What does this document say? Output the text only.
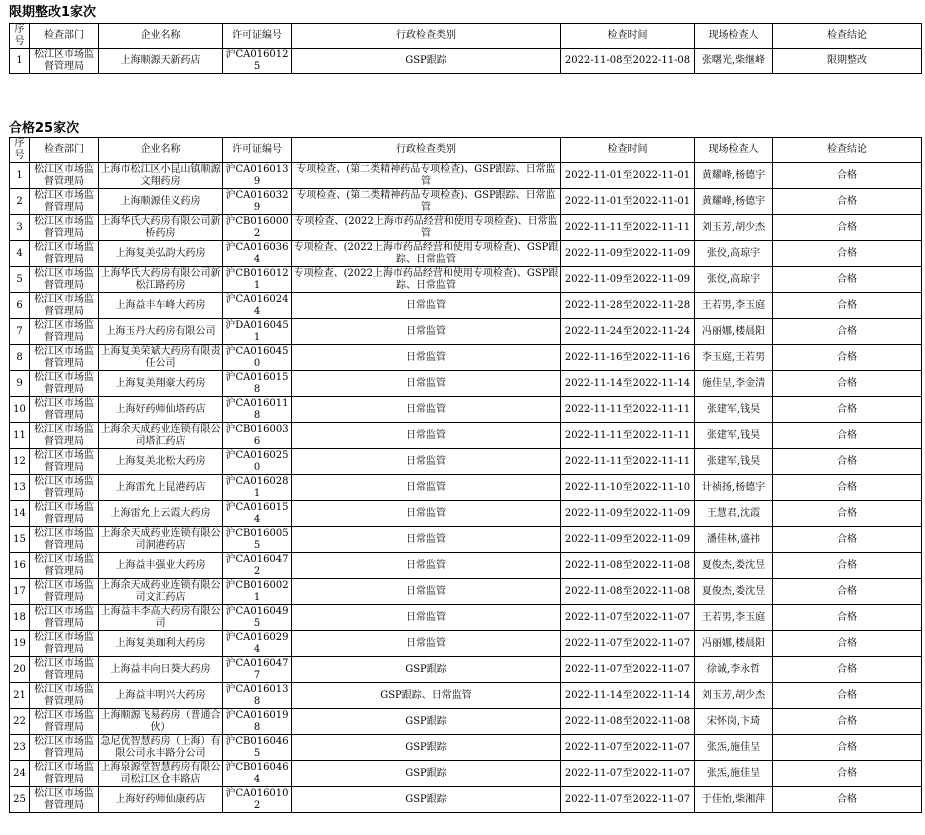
限期整改1家次
序号	检查部门	企业名称	许可证编号	行政检查类别	检查时间	现场检查人	检查结论
1	松江区市场监督管理局	上海顺源天新药店	沪CA0160125	GSP跟踪	2022-11-08至2022-11-08	张曙光,柴继峰	限期整改
合格25家次
序号	检查部门	企业名称	许可证编号	行政检查类别	检查时间	现场检查人	检查结论
1	松江区市场监督管理局	上海市松江区小昆山镇顺源文翔药房	沪CA0160139	专项检查、(第二类精神药品专项检查)、GSP跟踪、日常监管	2022-11-01至2022-11-01	黄耀峰,杨德宇	合格
2	松江区市场监督管理局	上海顺源佳义药房	沪CA0160329	专项检查、(第二类精神药品专项检查)、GSP跟踪、日常监管	2022-11-01至2022-11-01	黄耀峰,杨德宇	合格
3	松江区市场监督管理局	上海华氏大药房有限公司新桥药房	沪CB0160002	专项检查、(2022上海市药品经营和使用专项检查)、日常监管	2022-11-11至2022-11-11	刘玉芳,胡少杰	合格
4	松江区市场监督管理局	上海复美弘韵大药房	沪CA0160364	专项检查、(2022上海市药品经营和使用专项检查)、GSP跟踪、日常监管	2022-11-09至2022-11-09	张佼,高琼宇	合格
5	松江区市场监督管理局	上海华氏大药房有限公司新松江路药房	沪CB0160121	专项检查、(2022上海市药品经营和使用专项检查)、GSP跟踪、日常监管	2022-11-09至2022-11-09	张佼,高琼宇	合格
6	松江区市场监督管理局	上海益丰车峰大药房	沪CA0160244	日常监管	2022-11-28至2022-11-28	王若男,李玉庭	合格
7	松江区市场监督管理局	上海玉丹大药房有限公司	沪DA0160451	日常监管	2022-11-24至2022-11-24	冯丽娜,楼晨阳	合格
8	松江区市场监督管理局	上海复美荣斌大药房有限责任公司	沪CA0160450	日常监管	2022-11-16至2022-11-16	李玉庭,王若男	合格
9	松江区市场监督管理局	上海复美翔豪大药房	沪CA0160158	日常监管	2022-11-14至2022-11-14	施佳呈,李金清	合格
10	松江区市场监督管理局	上海好药师仙塔药店	沪CA0160118	日常监管	2022-11-11至2022-11-11	张建军,钱昊	合格
11	松江区市场监督管理局	上海余天成药业连锁有限公司塔汇药店	沪CB0160036	日常监管	2022-11-11至2022-11-11	张建军,钱昊	合格
12	松江区市场监督管理局	上海复美北松大药房	沪CA0160250	日常监管	2022-11-11至2022-11-11	张建军,钱昊	合格
13	松江区市场监督管理局	上海雷允上昆港药店	沪CA0160281	日常监管	2022-11-10至2022-11-10	计祯扬,杨德宇	合格
14	松江区市场监督管理局	上海雷允上云霞大药房	沪CA0160154	日常监管	2022-11-09至2022-11-09	王慧君,沈霞	合格
15	松江区市场监督管理局	上海余天成药业连锁有限公司洞港药店	沪CB0160055	日常监管	2022-11-09至2022-11-09	潘佳林,盛祎	合格
16	松江区市场监督管理局	上海益丰强业大药房	沪CA0160472	日常监管	2022-11-08至2022-11-08	夏俊杰,娄沈昱	合格
17	松江区市场监督管理局	上海余天成药业连锁有限公司文汇药店	沪CB0160021	日常监管	2022-11-08至2022-11-08	夏俊杰,娄沈昱	合格
18	松江区市场监督管理局	上海益丰李高大药房有限公司	沪CA0160495	日常监管	2022-11-07至2022-11-07	王若男,李玉庭	合格
19	松江区市场监督管理局	上海复美珈利大药房	沪CA0160294	日常监管	2022-11-07至2022-11-07	冯丽娜,楼晨阳	合格
20	松江区市场监督管理局	上海益丰向日葵大药房	沪CA0160477	GSP跟踪	2022-11-07至2022-11-07	徐诚,李永哲	合格
21	松江区市场监督管理局	上海益丰明兴大药房	沪CA0160138	GSP跟踪、日常监管	2022-11-14至2022-11-14	刘玉芳,胡少杰	合格
22	松江区市场监督管理局	上海顺源飞易药房（普通合伙）	沪CA0160198	GSP跟踪	2022-11-08至2022-11-08	宋怀岗,卞琦	合格
23	松江区市场监督管理局	急尼优智慧药房（上海）有限公司永丰路分公司	沪CB0160465	GSP跟踪	2022-11-07至2022-11-07	张炁,施佳呈	合格
24	松江区市场监督管理局	上海泉源堂智慧药房有限公司松江区仓丰路店	沪CB0160464	GSP跟踪	2022-11-07至2022-11-07	张炁,施佳呈	合格
25	松江区市场监督管理局	上海好药师仙康药店	沪CA0160102	GSP跟踪	2022-11-07至2022-11-07	于佳怡,柴湘萍	合格
